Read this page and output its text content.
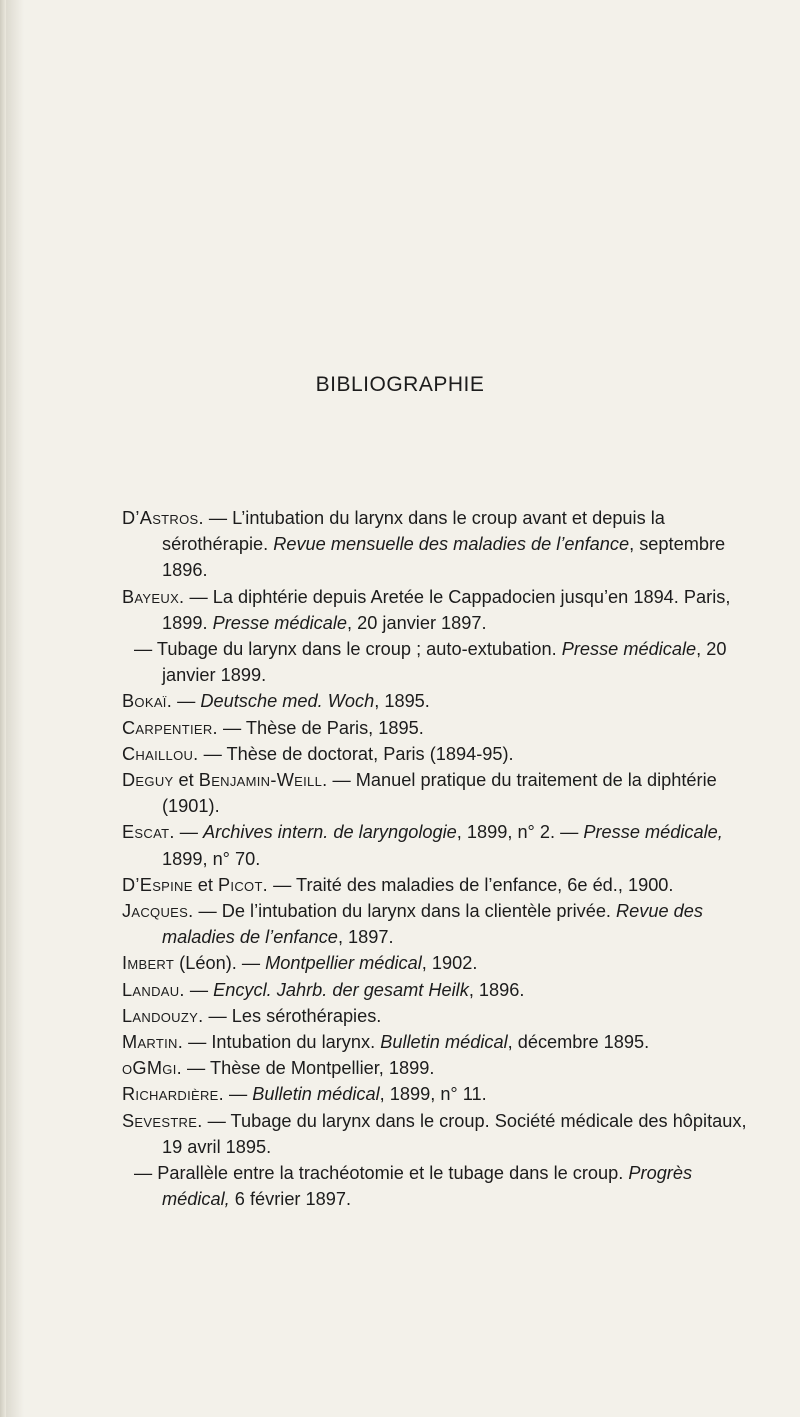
BIBLIOGRAPHIE

D’Astros. — L’intubation du larynx dans le croup avant et depuis la sérothérapie. Revue mensuelle des maladies de l’enfance, septembre 1896.

Bayeux. — La diphtérie depuis Aretée le Cappadocien jusqu’en 1894. Paris, 1899. Presse médicale, 20 janvier 1897.

— Tubage du larynx dans le croup ; auto-extubation. Presse médicale, 20 janvier 1899.

Bokaï. — Deutsche med. Woch, 1895.

Carpentier. — Thèse de Paris, 1895.

Chaillou. — Thèse de doctorat, Paris (1894-95).

Deguy et Benjamin-Weill. — Manuel pratique du traitement de la diphtérie (1901).

Escat. — Archives intern. de laryngologie, 1899, n° 2. — Presse médicale, 1899, n° 70.

D’Espine et Picot. — Traité des maladies de l’enfance, 6e éd., 1900.

Jacques. — De l’intubation du larynx dans la clientèle privée. Revue des maladies de l’enfance, 1897.

Imbert (Léon). — Montpellier médical, 1902.

Landau. — Encycl. Jahrb. der gesamt Heilk, 1896.

Landouzy. — Les sérothérapies.

Martin. — Intubation du larynx. Bulletin médical, décembre 1895.

oGMgi. — Thèse de Montpellier, 1899.

Richardière. — Bulletin médical, 1899, n° 11.

Sevestre. — Tubage du larynx dans le croup. Société médicale des hôpitaux, 19 avril 1895.

— Parallèle entre la trachéotomie et le tubage dans le croup. Progrès médical, 6 février 1897.
